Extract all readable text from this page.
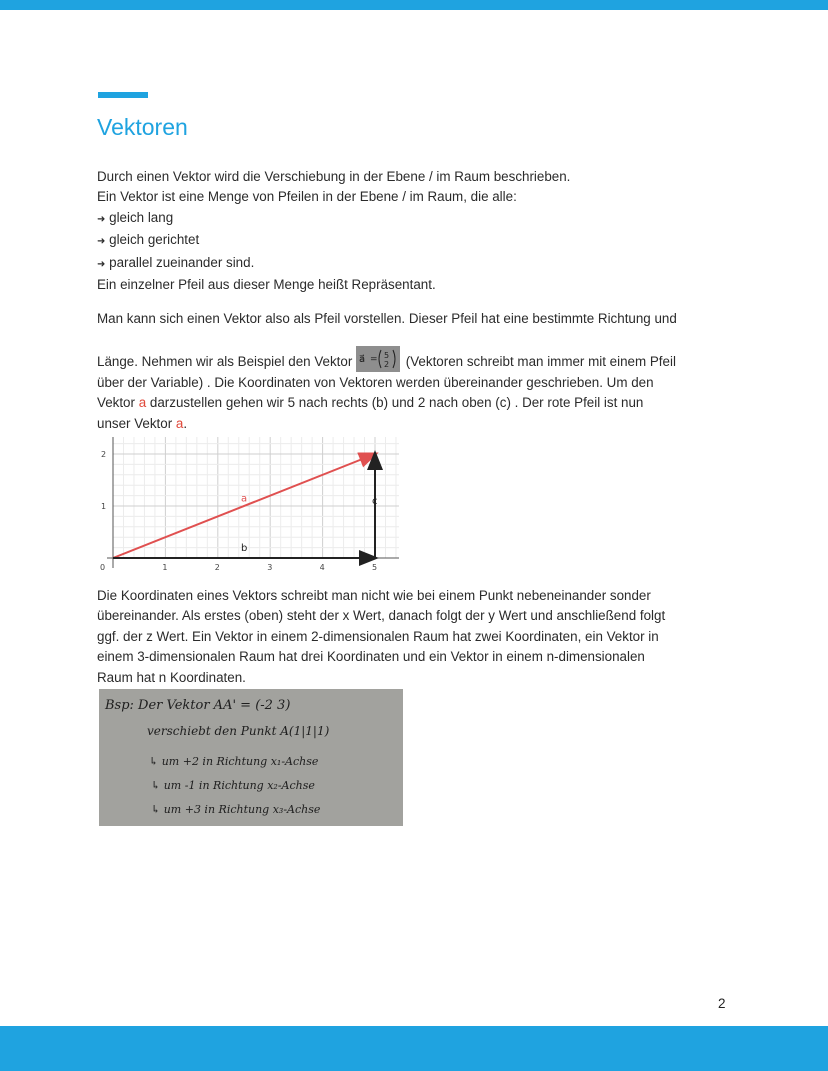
Vektoren
Durch einen Vektor wird die Verschiebung in der Ebene / im Raum beschrieben.
Ein Vektor ist eine Menge von Pfeilen in der Ebene / im Raum, die alle:
➜ gleich lang
➜ gleich gerichtet
➜ parallel zueinander sind.
Ein einzelner Pfeil aus dieser Menge heißt Repräsentant.
Man kann sich einen Vektor also als Pfeil vorstellen. Dieser Pfeil hat eine bestimmte Richtung und
Länge. Nehmen wir als Beispiel den Vektor a⃗ = 5
2 (Vektoren schreibt man immer mit einem Pfeil
über der Variable) . Die Koordinaten von Vektoren werden übereinander geschrieben. Um den
Vektor a darzustellen gehen wir 5 nach rechts (b) und 2 nach oben (c) . Der rote Pfeil ist nun
unser Vektor a.
0	1	2	3	4	5
1
2
a
b
c
Die Koordinaten eines Vektors schreibt man nicht wie bei einem Punkt nebeneinander sonder
übereinander. Als erstes (oben) steht der x Wert, danach folgt der y Wert und anschließend folgt
ggf. der z Wert. Ein Vektor in einem 2-dimensionalen Raum hat zwei Koordinaten, ein Vektor in
einem 3-dimensionalen Raum hat drei Koordinaten und ein Vektor in einem n-dimensionalen
Raum hat n Koordinaten.
Bsp: Der Vektor AA' = (-2 3)
verschiebt den Punkt A(1|1|1)
↳ um +2 in Richtung x₁-Achse
↳ um -1 in Richtung x₂-Achse
↳ um +3 in Richtung x₃-Achse
2
